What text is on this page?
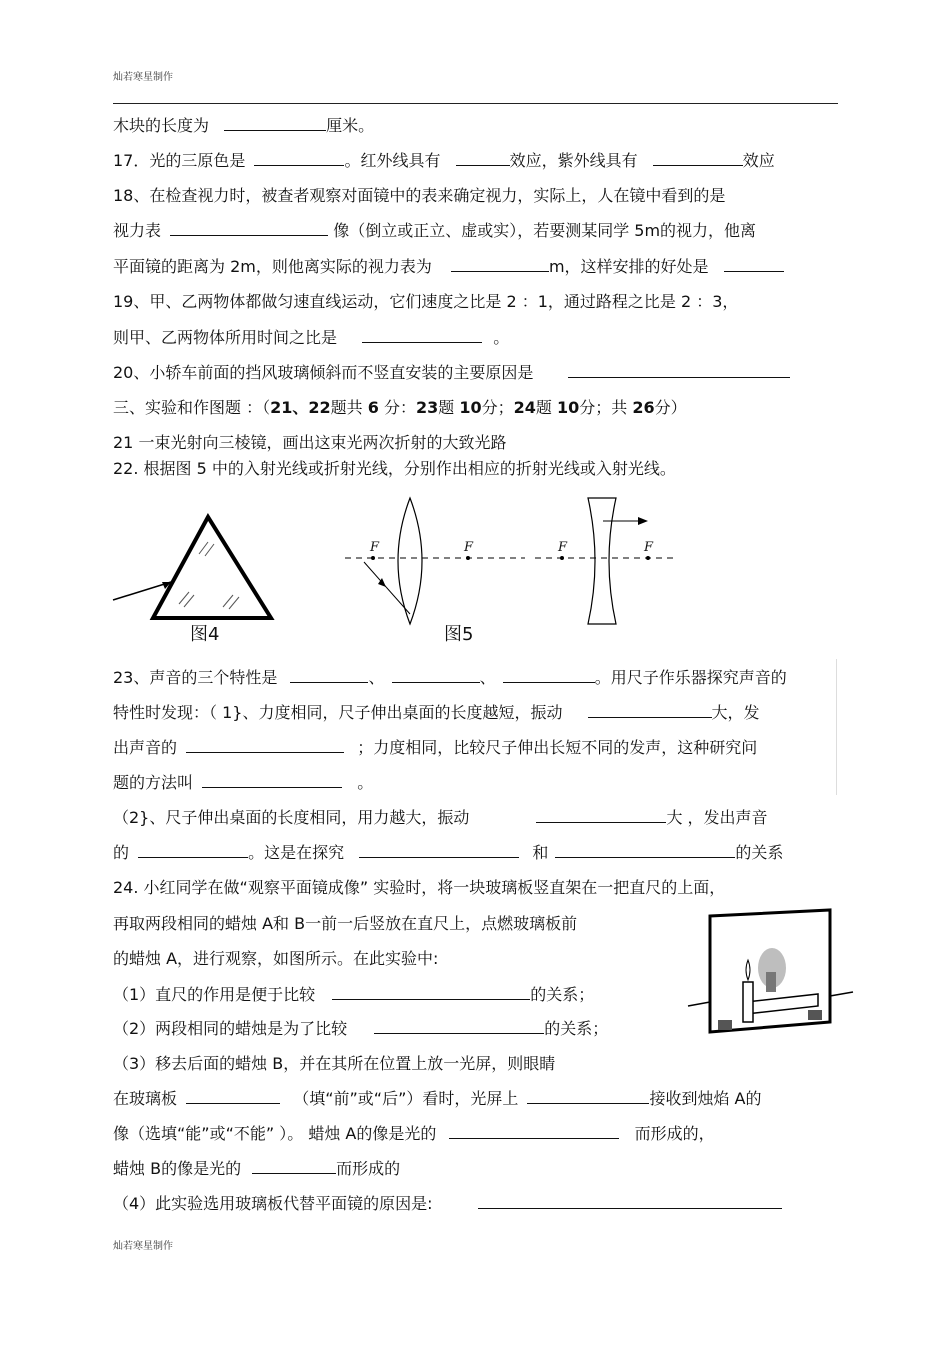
灿若寒星制作
木块的长度为	厘米。
17．光的三原色是	。红外线具有	效应，紫外线具有	效应
18、在检查视力时，被查者观察对面镜中的表来确定视力，实际上，人在镜中看到的是
视力表	像（倒立或正立、虚或实），若要测某同学 5m的视力，他离
平面镜的距离为 2m，则他离实际的视力表为	m，这样安排的好处是
19、甲、乙两物体都做匀速直线运动，它们速度之比是 2 ：1，通过路程之比是 2 ：3，
则甲、乙两物体所用时间之比是	。
20、小轿车前面的挡风玻璃倾斜而不竖直安装的主要原因是
三、实验和作图题 ：（21、22题共 6 分：23题 10分；24题 10分；共 26分）
21 一束光射向三棱镜，画出这束光两次折射的大致光路
22. 根据图 5 中的入射光线或折射光线，分别作出相应的折射光线或入射光线。
图4
F	F
图5
F	F
23、声音的三个特性是	、	、	。用尺子作乐器探究声音的
特性时发现：（ 1}、力度相同，尺子伸出桌面的长度越短，振动	大，发
出声音的	；力度相同，比较尺子伸出长短不同的发声，这种研究问
题的方法叫	。
（2}、尺子伸出桌面的长度相同，用力越大，振动	大 ，发出声音
的	。这是在探究	和	的关系
24. 小红同学在做“观察平面镜成像” 实验时，将一块玻璃板竖直架在一把直尺的上面，
再取两段相同的蜡烛 A和 B一前一后竖放在直尺上，点燃玻璃板前
的蜡烛 A，进行观察，如图所示。在此实验中:
（1）直尺的作用是便于比较	的关系；
（2）两段相同的蜡烛是为了比较	的关系；
（3）移去后面的蜡烛 B，并在其所在位置上放一光屏，则眼睛
在玻璃板	（填“前”或“后”）看时，光屏上	接收到烛焰 A的
像（选填“能”或“不能” ）。 蜡烛 A的像是光的	而形成的，
蜡烛 B的像是光的	而形成的
（4）此实验选用玻璃板代替平面镜的原因是:
灿若寒星制作
